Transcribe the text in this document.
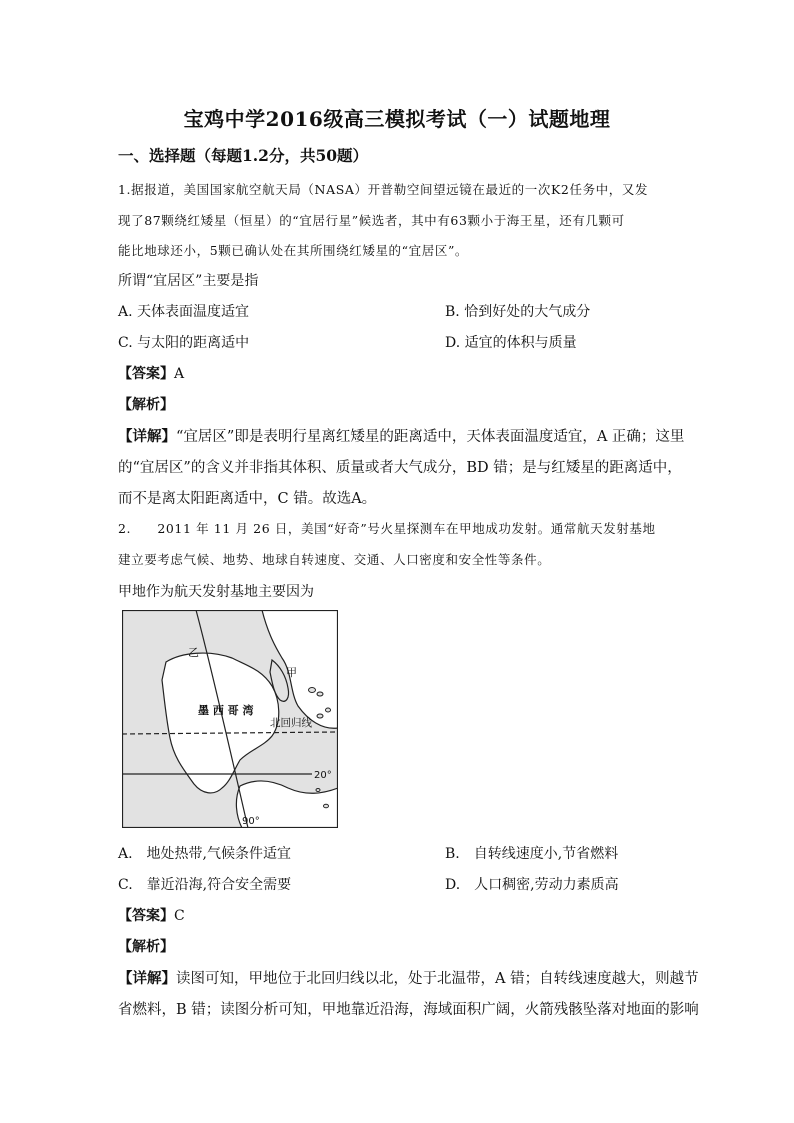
宝鸡中学2016级高三模拟考试（一）试题地理
一、选择题（每题1.2分，共50题）
1.据报道，美国国家航空航天局（NASA）开普勒空间望远镜在最近的一次K2任务中，又发
现了87颗绕红矮星（恒星）的“宜居行星”候选者，其中有63颗小于海王星，还有几颗可
能比地球还小，5颗已确认处在其所围绕红矮星的“宜居区”。
所谓“宜居区”主要是指
A. 天体表面温度适宜	B. 恰到好处的大气成分
C. 与太阳的距离适中	D. 适宜的体积与质量
【答案】A
【解析】
【详解】“宜居区”即是表明行星离红矮星的距离适中，天体表面温度适宜，A 正确；这里
的“宜居区”的含义并非指其体积、质量或者大气成分，BD 错；是与红矮星的距离适中，
而不是离太阳距离适中，C 错。故选A。
2.　　2011 年 11 月 26 日，美国“好奇”号火星探测车在甲地成功发射。通常航天发射基地
建立要考虑气候、地势、地球自转速度、交通、人口密度和安全性等条件。
甲地作为航天发射基地主要因为
乙
甲
墨 西 哥 湾
北回归线
20°
90°
A.　地处热带,气候条件适宜	B.　自转线速度小,节省燃料
C.　靠近沿海,符合安全需要	D.　人口稠密,劳动力素质高
【答案】C
【解析】
【详解】读图可知，甲地位于北回归线以北，处于北温带，A 错；自转线速度越大，则越节
省燃料，B 错；读图分析可知，甲地靠近沿海，海域面积广阔，火箭残骸坠落对地面的影响
